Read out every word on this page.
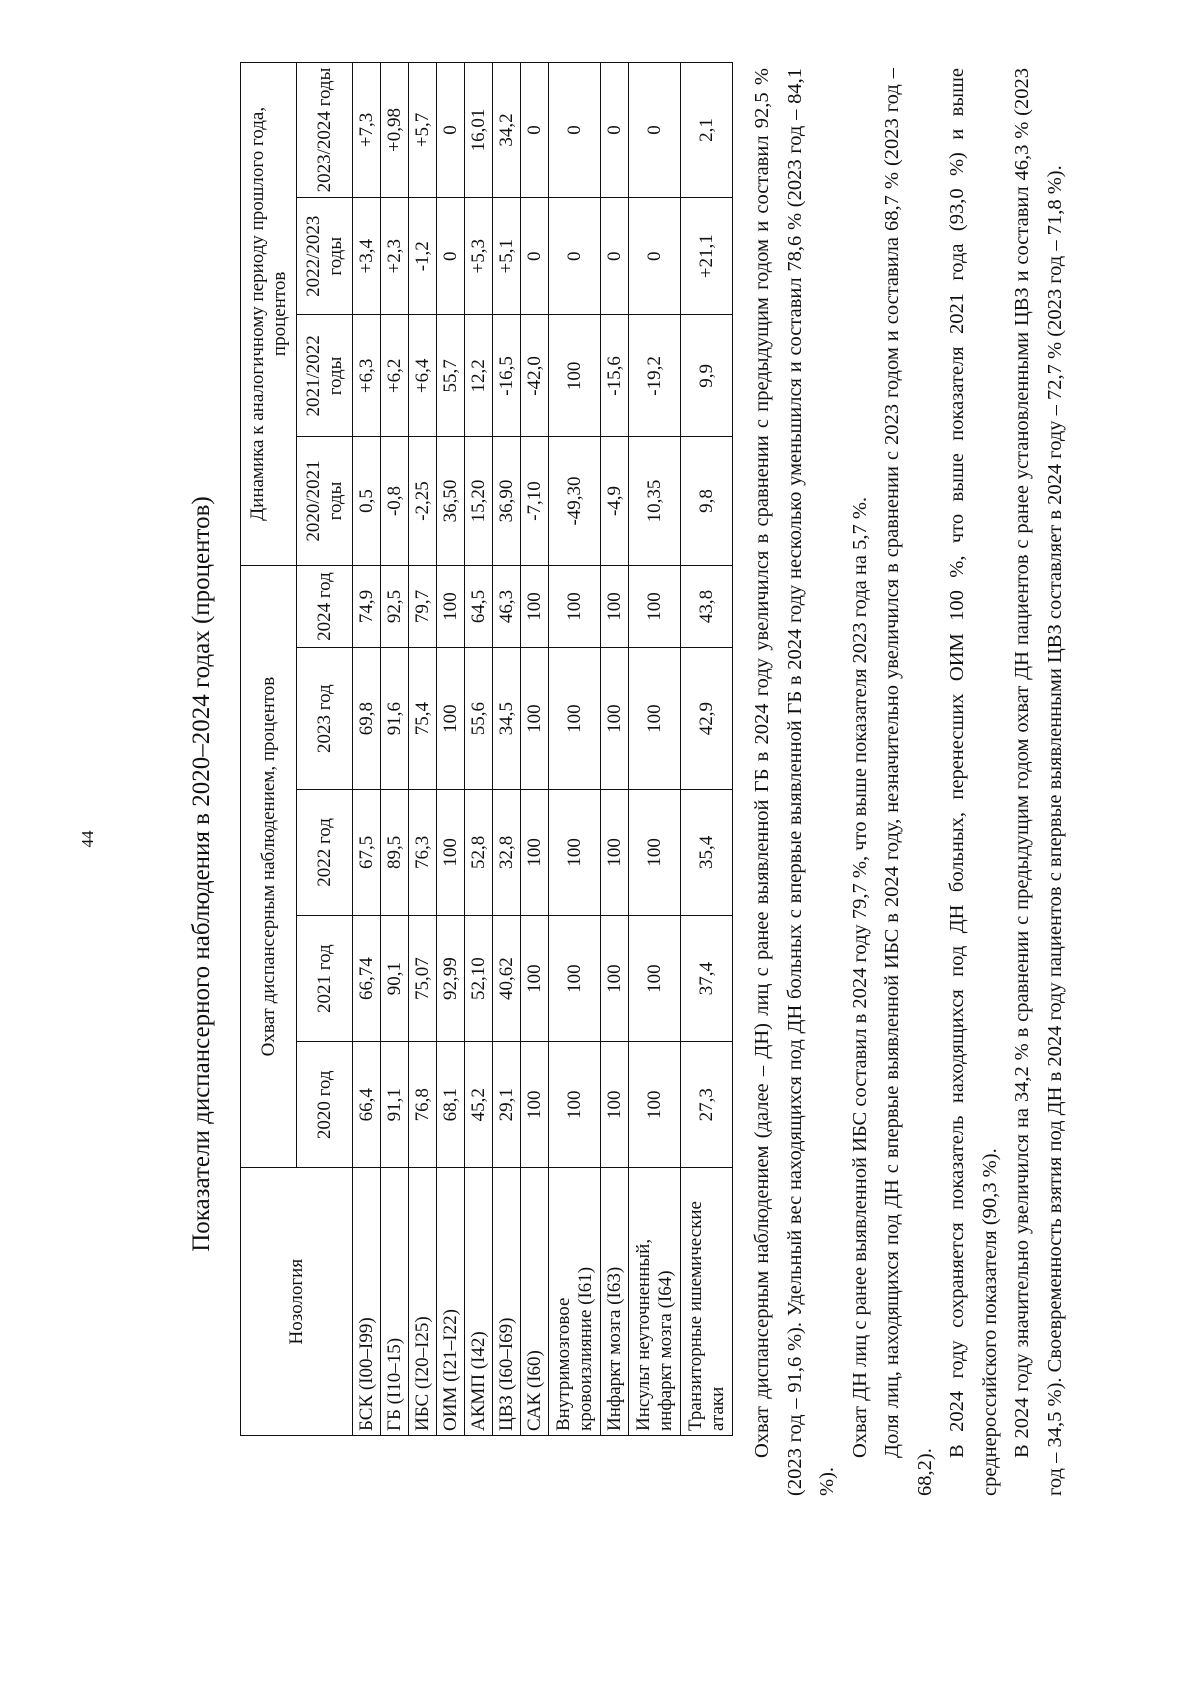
44	Показатели диспансерного наблюдения в 2020–2024 годах (процентов)
Нозология	Охват диспансерным наблюдением, процентов					Динамика к аналогичному периоду прошлого года, процентов			
	2020 год	2021 год	2022 год	2023 год	2024 год	2020/2021 годы	2021/2022 годы	2022/2023 годы	2023/2024 годы
БСК (I00–I99)	66,4	66,74	67,5	69,8	74,9	0,5	+6,3	+3,4	+7,3
ГБ (I10–15)	91,1	90,1	89,5	91,6	92,5	-0,8	+6,2	+2,3	+0,98
ИБС (I20–I25)	76,8	75,07	76,3	75,4	79,7	-2,25	+6,4	-1,2	+5,7
ОИМ (I21–I22)	68,1	92,99	100	100	100	36,50	55,7	0	0
АКМП (I42)	45,2	52,10	52,8	55,6	64,5	15,20	12,2	+5,3	16,01
ЦВЗ (I60–I69)	29,1	40,62	32,8	34,5	46,3	36,90	-16,5	+5,1	34,2
САК (I60)	100	100	100	100	100	-7,10	-42,0	0	0
Внутримозговое кровоизлияние (I61)	100	100	100	100	100	-49,30	100	0	0
Инфаркт мозга (I63)	100	100	100	100	100	-4,9	-15,6	0	0
Инсульт неуточненный, инфаркт мозга (I64)	100	100	100	100	100	10,35	-19,2	0	0
Транзиторные ишемические атаки	27,3	37,4	35,4	42,9	43,8	9,8	9,9	+21,1	2,1 Охват диспансерным наблюдением (далее – ДН) лиц с ранее выявленной ГБ в 2024 году увеличился в сравнении с предыдущим годом и составил 92,5 % (2023 год – 91,6 %). Удельный вес находящихся под ДН больных с впервые выявленной ГБ в 2024 году несколько уменьшился и составил 78,6 % (2023 год – 84,1 %).

Охват ДН лиц с ранее выявленной ИБС составил в 2024 году 79,7 %, что выше показателя 2023 года на 5,7 %. Доля лиц, находящихся под ДН с впервые выявленной ИБС в 2024 году, незначительно увеличился в сравнении с 2023 годом и составила 68,7 % (2023 год – 68,2).

В 2024 году сохраняется показатель находящихся под ДН больных, перенесших ОИМ 100 %, что выше показателя 2021 года (93,0 %) и выше среднероссийского показателя (90,3 %). В 2024 году значительно увеличился на 34,2 % в сравнении с предыдущим годом охват ДН пациентов с ранее установленными ЦВЗ и составил 46,3 % (2023 год – 34,5 %). Своевременность взятия под ДН в 2024 году пациентов с впервые выявленными ЦВЗ составляет в 2024 году – 72,7 % (2023 год – 71,8 %).
